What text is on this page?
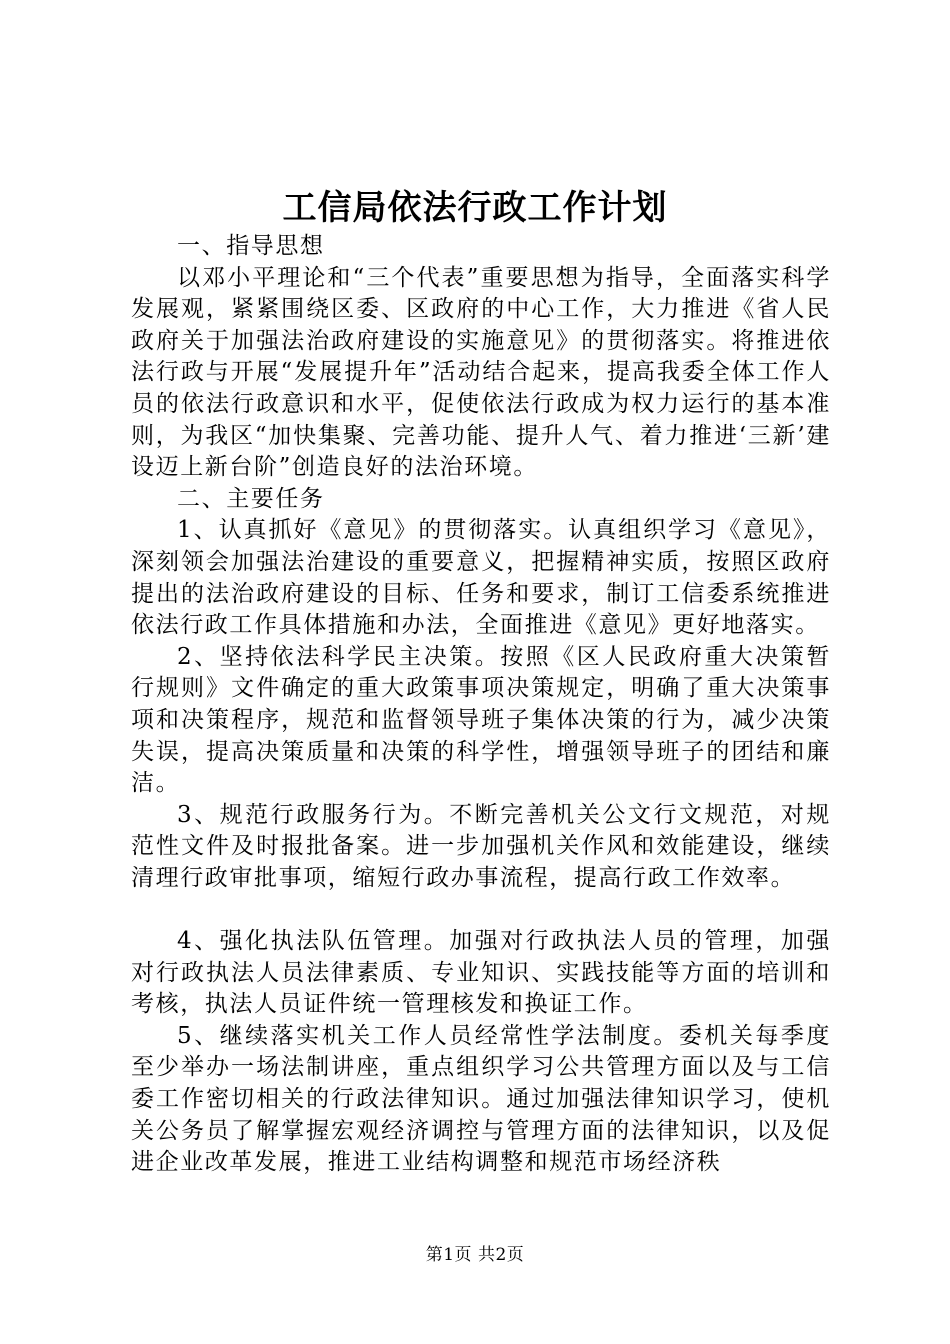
工信局依法行政工作计划

一、指导思想

以邓小平理论和“三个代表”重要思想为指导，全面落实科学发展观，紧紧围绕区委、区政府的中心工作，大力推进《省人民政府关于加强法治政府建设的实施意见》的贯彻落实。将推进依法行政与开展“发展提升年”活动结合起来，提高我委全体工作人员的依法行政意识和水平，促使依法行政成为权力运行的基本准则，为我区“加快集聚、完善功能、提升人气、着力推进‘三新’建设迈上新台阶”创造良好的法治环境。

二、主要任务

1、认真抓好《意见》的贯彻落实。认真组织学习《意见》，深刻领会加强法治建设的重要意义，把握精神实质，按照区政府提出的法治政府建设的目标、任务和要求，制订工信委系统推进依法行政工作具体措施和办法，全面推进《意见》更好地落实。

2、坚持依法科学民主决策。按照《区人民政府重大决策暂行规则》文件确定的重大政策事项决策规定，明确了重大决策事项和决策程序，规范和监督领导班子集体决策的行为，减少决策失误，提高决策质量和决策的科学性，增强领导班子的团结和廉洁。

3、规范行政服务行为。不断完善机关公文行文规范，对规范性文件及时报批备案。进一步加强机关作风和效能建设，继续清理行政审批事项，缩短行政办事流程，提高行政工作效率。

4、强化执法队伍管理。加强对行政执法人员的管理，加强对行政执法人员法律素质、专业知识、实践技能等方面的培训和考核，执法人员证件统一管理核发和换证工作。

5、继续落实机关工作人员经常性学法制度。委机关每季度至少举办一场法制讲座，重点组织学习公共管理方面以及与工信委工作密切相关的行政法律知识。通过加强法律知识学习，使机关公务员了解掌握宏观经济调控与管理方面的法律知识，以及促进企业改革发展，推进工业结构调整和规范市场经济秩

第1页 共2页
